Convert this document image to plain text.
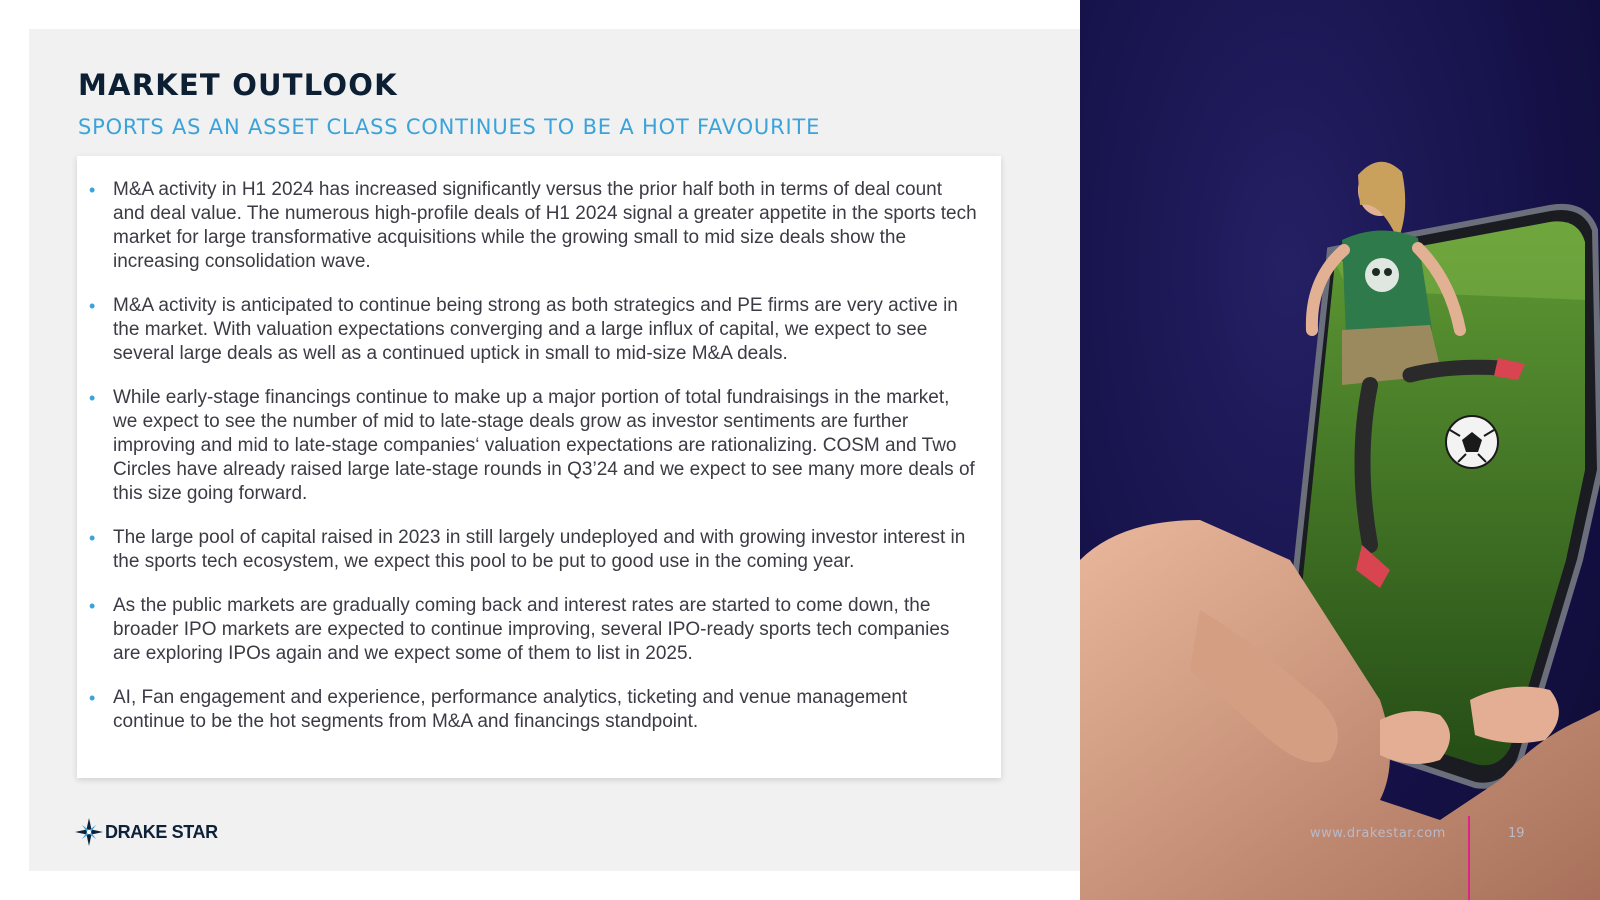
MARKET OUTLOOK
SPORTS AS AN ASSET CLASS CONTINUES TO BE A HOT FAVOURITE
• M&A activity in H1 2024 has increased significantly versus the prior half both in terms of deal count and deal value. The numerous high-profile deals of H1 2024 signal a greater appetite in the sports tech market for large transformative acquisitions while the growing small to mid size deals show the increasing consolidation wave.
• M&A activity is anticipated to continue being strong as both strategics and PE firms are very active in the market. With valuation expectations converging and a large influx of capital, we expect to see several large deals as well as a continued uptick in small to mid-size M&A deals.
• While early-stage financings continue to make up a major portion of total fundraisings in the market, we expect to see the number of mid to late-stage deals grow as investor sentiments are further improving and mid to late-stage companies‘ valuation expectations are rationalizing. COSM and Two Circles have already raised large late-stage rounds in Q3’24 and we expect to see many more deals of this size going forward.
• The large pool of capital raised in 2023 in still largely undeployed and with growing investor interest in the sports tech ecosystem, we expect this pool to be put to good use in the coming year.
• As the public markets are gradually coming back and interest rates are started to come down, the broader IPO markets are expected to continue improving, several IPO-ready sports tech companies are exploring IPOs again and we expect some of them to list in 2025.
• AI, Fan engagement and experience, performance analytics, ticketing and venue management continue to be the hot segments from M&A and financings standpoint.
DRAKE STAR	www.drakestar.com	19
